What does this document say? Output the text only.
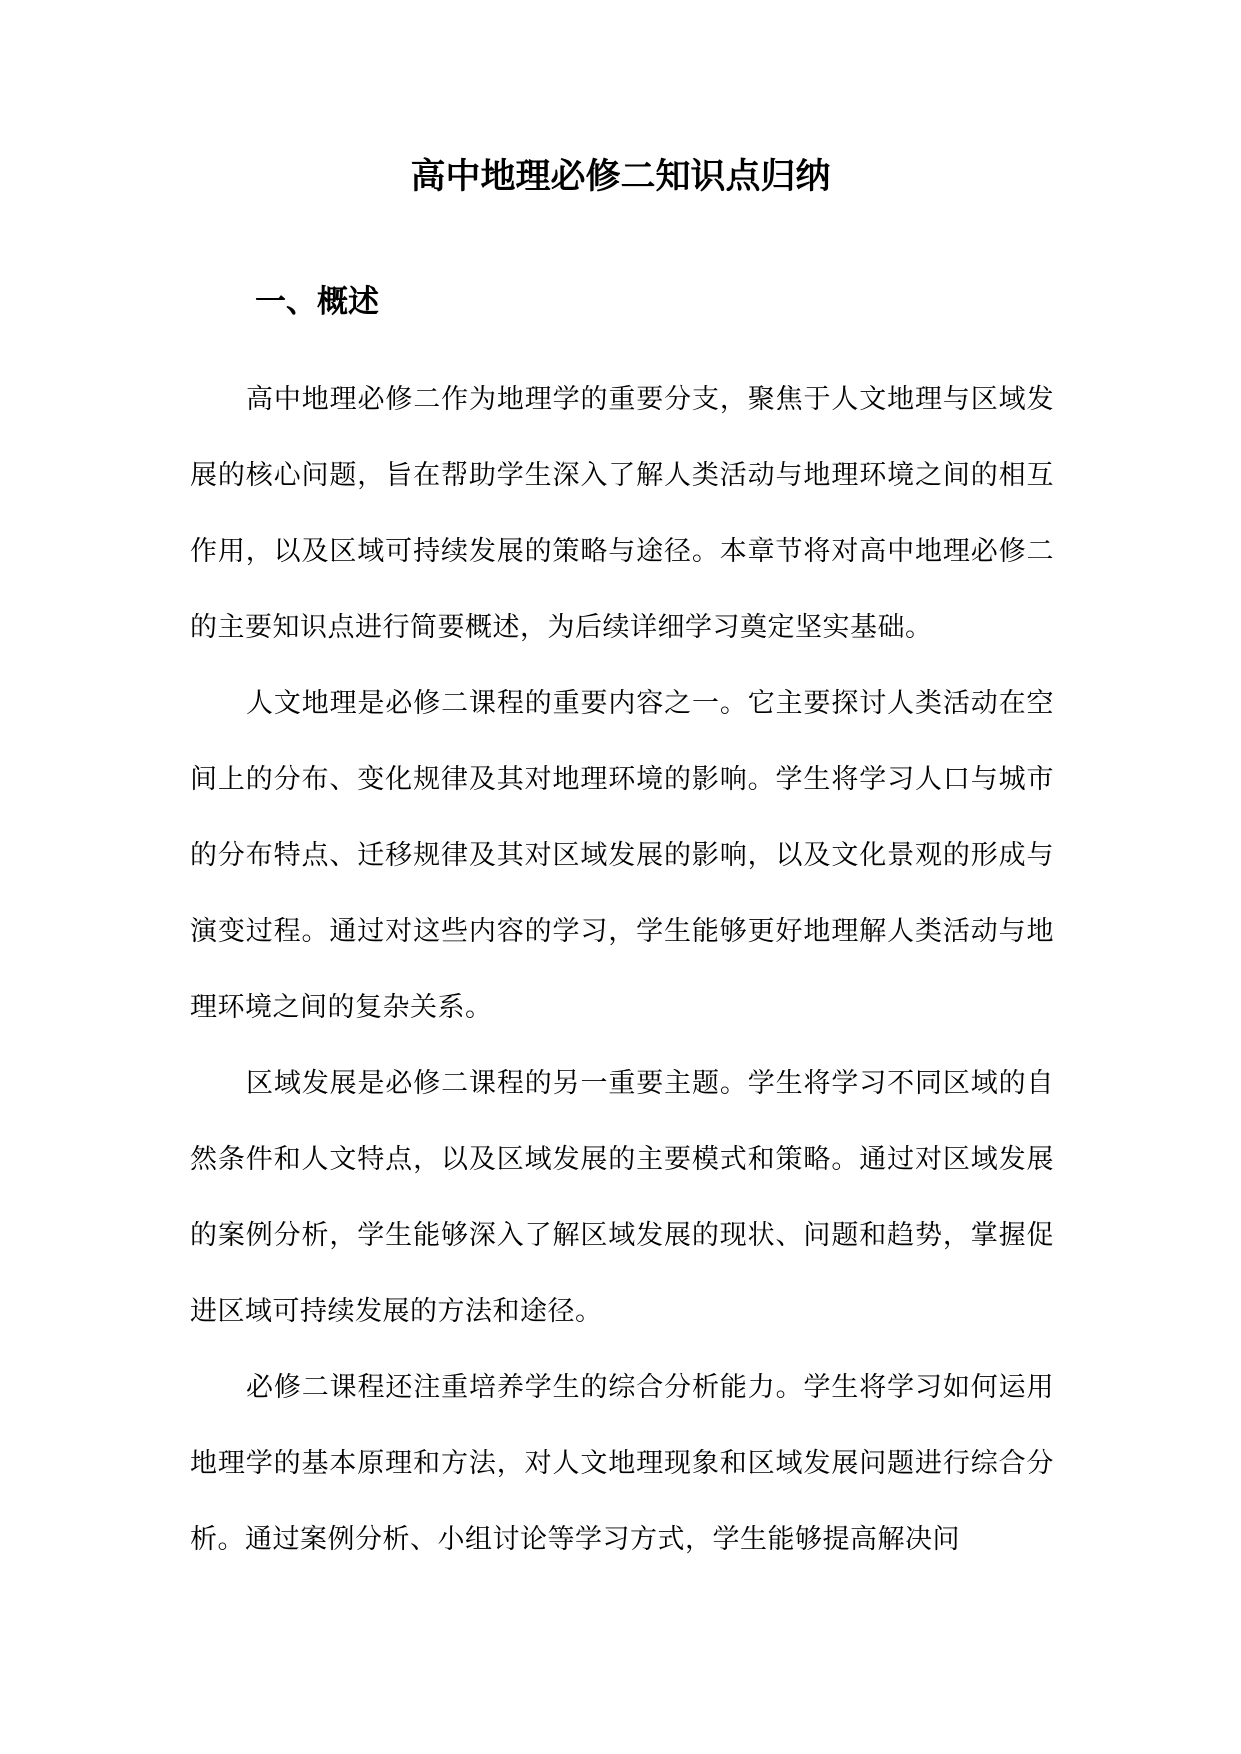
高中地理必修二知识点归纳
一、概述

高中地理必修二作为地理学的重要分支，聚焦于人文地理与区域发展的核心问题，旨在帮助学生深入了解人类活动与地理环境之间的相互作用，以及区域可持续发展的策略与途径。本章节将对高中地理必修二的主要知识点进行简要概述，为后续详细学习奠定坚实基础。

人文地理是必修二课程的重要内容之一。它主要探讨人类活动在空间上的分布、变化规律及其对地理环境的影响。学生将学习人口与城市的分布特点、迁移规律及其对区域发展的影响，以及文化景观的形成与演变过程。通过对这些内容的学习，学生能够更好地理解人类活动与地理环境之间的复杂关系。

区域发展是必修二课程的另一重要主题。学生将学习不同区域的自然条件和人文特点，以及区域发展的主要模式和策略。通过对区域发展的案例分析，学生能够深入了解区域发展的现状、问题和趋势，掌握促进区域可持续发展的方法和途径。

必修二课程还注重培养学生的综合分析能力。学生将学习如何运用地理学的基本原理和方法，对人文地理现象和区域发展问题进行综合分析。通过案例分析、小组讨论等学习方式，学生能够提高解决问
